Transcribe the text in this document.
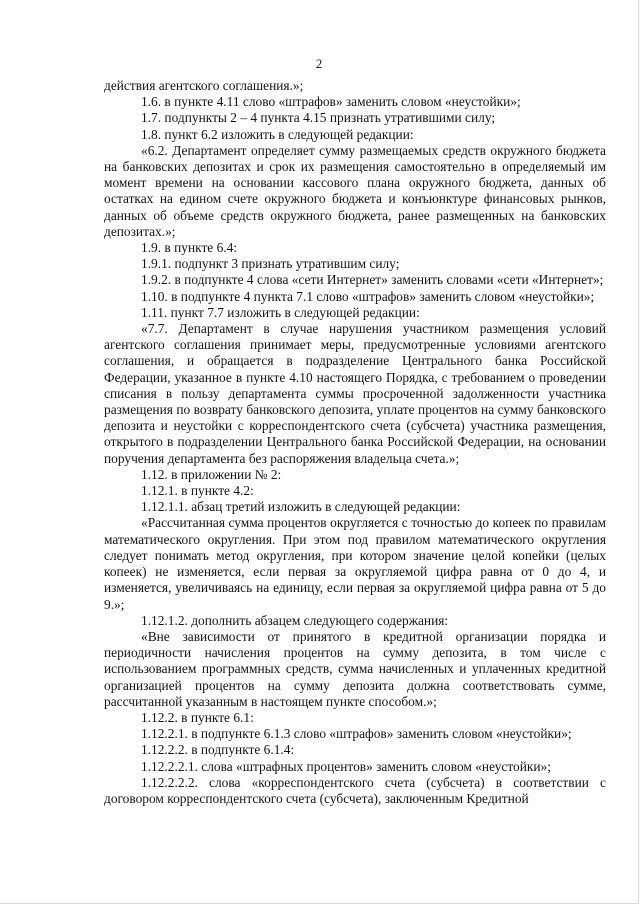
2

действия агентского соглашения.»;

1.6. в пункте 4.11 слово «штрафов» заменить словом «неустойки»;

1.7. подпункты 2 – 4 пункта 4.15 признать утратившими силу;

1.8. пункт 6.2 изложить в следующей редакции:

«6.2. Департамент определяет сумму размещаемых средств окружного бюджета на банковских депозитах и срок их размещения самостоятельно в определяемый им момент времени на основании кассового плана окружного бюджета, данных об остатках на едином счете окружного бюджета и конъюнктуре финансовых рынков, данных об объеме средств окружного бюджета, ранее размещенных на банковских депозитах.»;

1.9. в пункте 6.4:

1.9.1. подпункт 3 признать утратившим силу;

1.9.2. в подпункте 4 слова «сети Интернет» заменить словами «сети «Интернет»;

1.10. в подпункте 4 пункта 7.1 слово «штрафов» заменить словом «неустойки»;

1.11. пункт 7.7 изложить в следующей редакции:

«7.7. Департамент в случае нарушения участником размещения условий агентского соглашения принимает меры, предусмотренные условиями агентского соглашения, и обращается в подразделение Центрального банка Российской Федерации, указанное в пункте 4.10 настоящего Порядка, с требованием о проведении списания в пользу департамента суммы просроченной задолженности участника размещения по возврату банковского депозита, уплате процентов на сумму банковского депозита и неустойки с корреспондентского счета (субсчета) участника размещения, открытого в подразделении Центрального банка Российской Федерации, на основании поручения департамента без распоряжения владельца счета.»;

1.12. в приложении № 2:

1.12.1. в пункте 4.2:

1.12.1.1. абзац третий изложить в следующей редакции:

«Рассчитанная сумма процентов округляется с точностью до копеек по правилам математического округления. При этом под правилом математического округления следует понимать метод округления, при котором значение целой копейки (целых копеек) не изменяется, если первая за округляемой цифра равна от 0 до 4, и изменяется, увеличиваясь на единицу, если первая за округляемой цифра равна от 5 до 9.»;

1.12.1.2. дополнить абзацем следующего содержания:

«Вне зависимости от принятого в кредитной организации порядка и периодичности начисления процентов на сумму депозита, в том числе с использованием программных средств, сумма начисленных и уплаченных кредитной организацией процентов на сумму депозита должна соответствовать сумме, рассчитанной указанным в настоящем пункте способом.»;

1.12.2. в пункте 6.1:

1.12.2.1. в подпункте 6.1.3 слово «штрафов» заменить словом «неустойки»;

1.12.2.2. в подпункте 6.1.4:

1.12.2.2.1. слова «штрафных процентов» заменить словом «неустойки»;

1.12.2.2.2. слова «корреспондентского счета (субсчета) в соответствии с договором корреспондентского счета (субсчета), заключенным Кредитной
